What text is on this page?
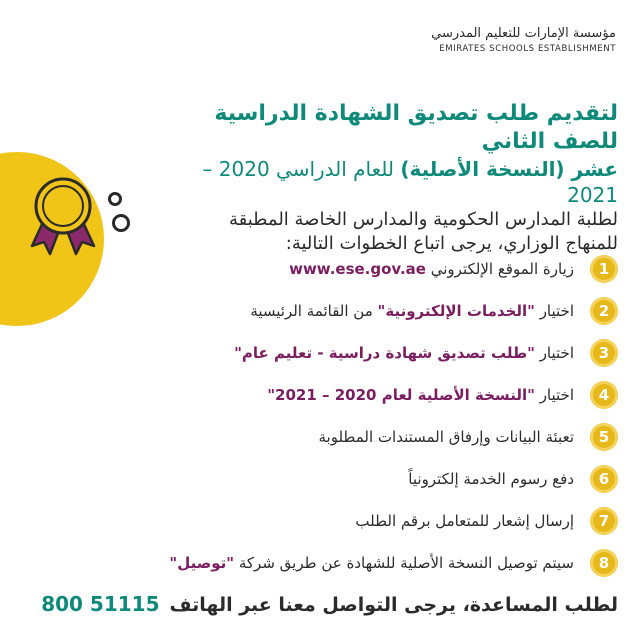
مؤسسة الإمارات للتعليم المدرسي
EMIRATES SCHOOLS ESTABLISHMENT
لتقديم طلب تصديق الشهادة الدراسية للصف الثاني
عشر (النسخة الأصلية) للعام الدراسي 2020 – 2021
لطلبة المدارس الحكومية والمدارس الخاصة المطبقة
للمنهاج الوزاري، يرجى اتباع الخطوات التالية:
1
زيارة الموقع الإلكتروني www.ese.gov.ae
2
اختيار "الخدمات الإلكترونية" من القائمة الرئيسية
3
اختيار "طلب تصديق شهادة دراسية - تعليم عام"
4
اختيار "النسخة الأصلية لعام 2020 – 2021"
5
تعبئة البيانات وإرفاق المستندات المطلوبة
6
دفع رسوم الخدمة إلكترونياً
7
إرسال إشعار للمتعامل برقم الطلب
8
سيتم توصيل النسخة الأصلية للشهادة عن طريق شركة "توصيل"
لطلب المساعدة، يرجى التواصل معنا عبر الهاتف800 51115
